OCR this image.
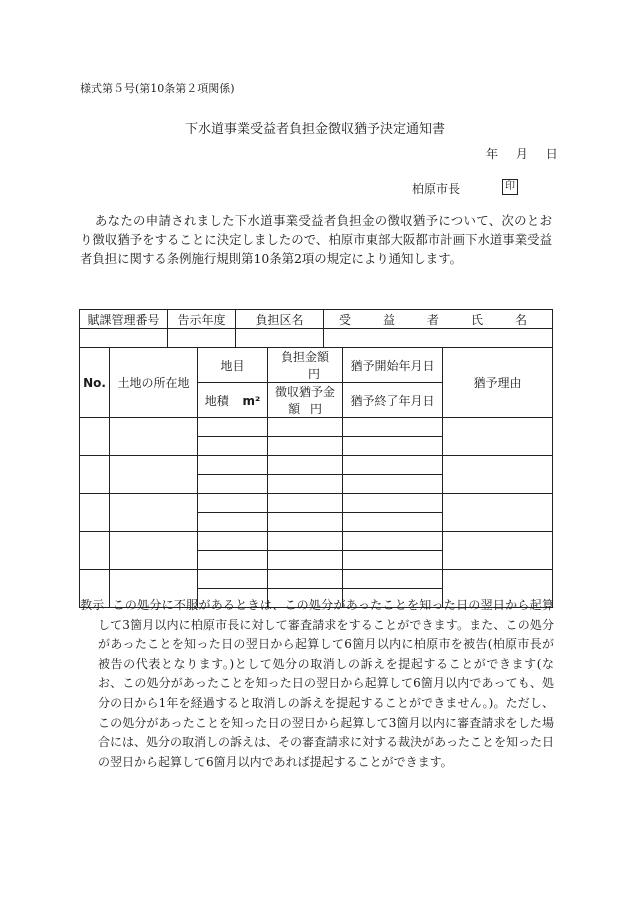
様式第５号(第10条第２項関係)
下水道事業受益者負担金徴収猶予決定通知書
年 月 日
柏原市長	印

あなたの申請されました下水道事業受益者負担金の徴収猶予について、次のとおり徴収猶予をすることに決定しましたので、柏原市東部大阪都市計画下水道事業受益者負担に関する条例施行規則第10条第2項の規定により通知します。

賦課管理番号		告示年度		負担区名		受　益　者　氏　名		

No.	土地の所在地		地目		負担金額 円		猶予開始年月日	猶予理由
			地積 m²		徴収猶予金額 円		猶予終了年月日	

教示 この処分に不服があるときは、この処分があったことを知った日の翌日から起算して3箇月以内に柏原市長に対して審査請求をすることができます。また、この処分があったことを知った日の翌日から起算して6箇月以内に柏原市を被告(柏原市長が被告の代表となります。)として処分の取消しの訴えを提起することができます(なお、この処分があったことを知った日の翌日から起算して6箇月以内であっても、処分の日から1年を経過すると取消しの訴えを提起することができません。)。ただし、この処分があったことを知った日の翌日から起算して3箇月以内に審査請求をした場合には、処分の取消しの訴えは、その審査請求に対する裁決があったことを知った日の翌日から起算して6箇月以内であれば提起することができます。
